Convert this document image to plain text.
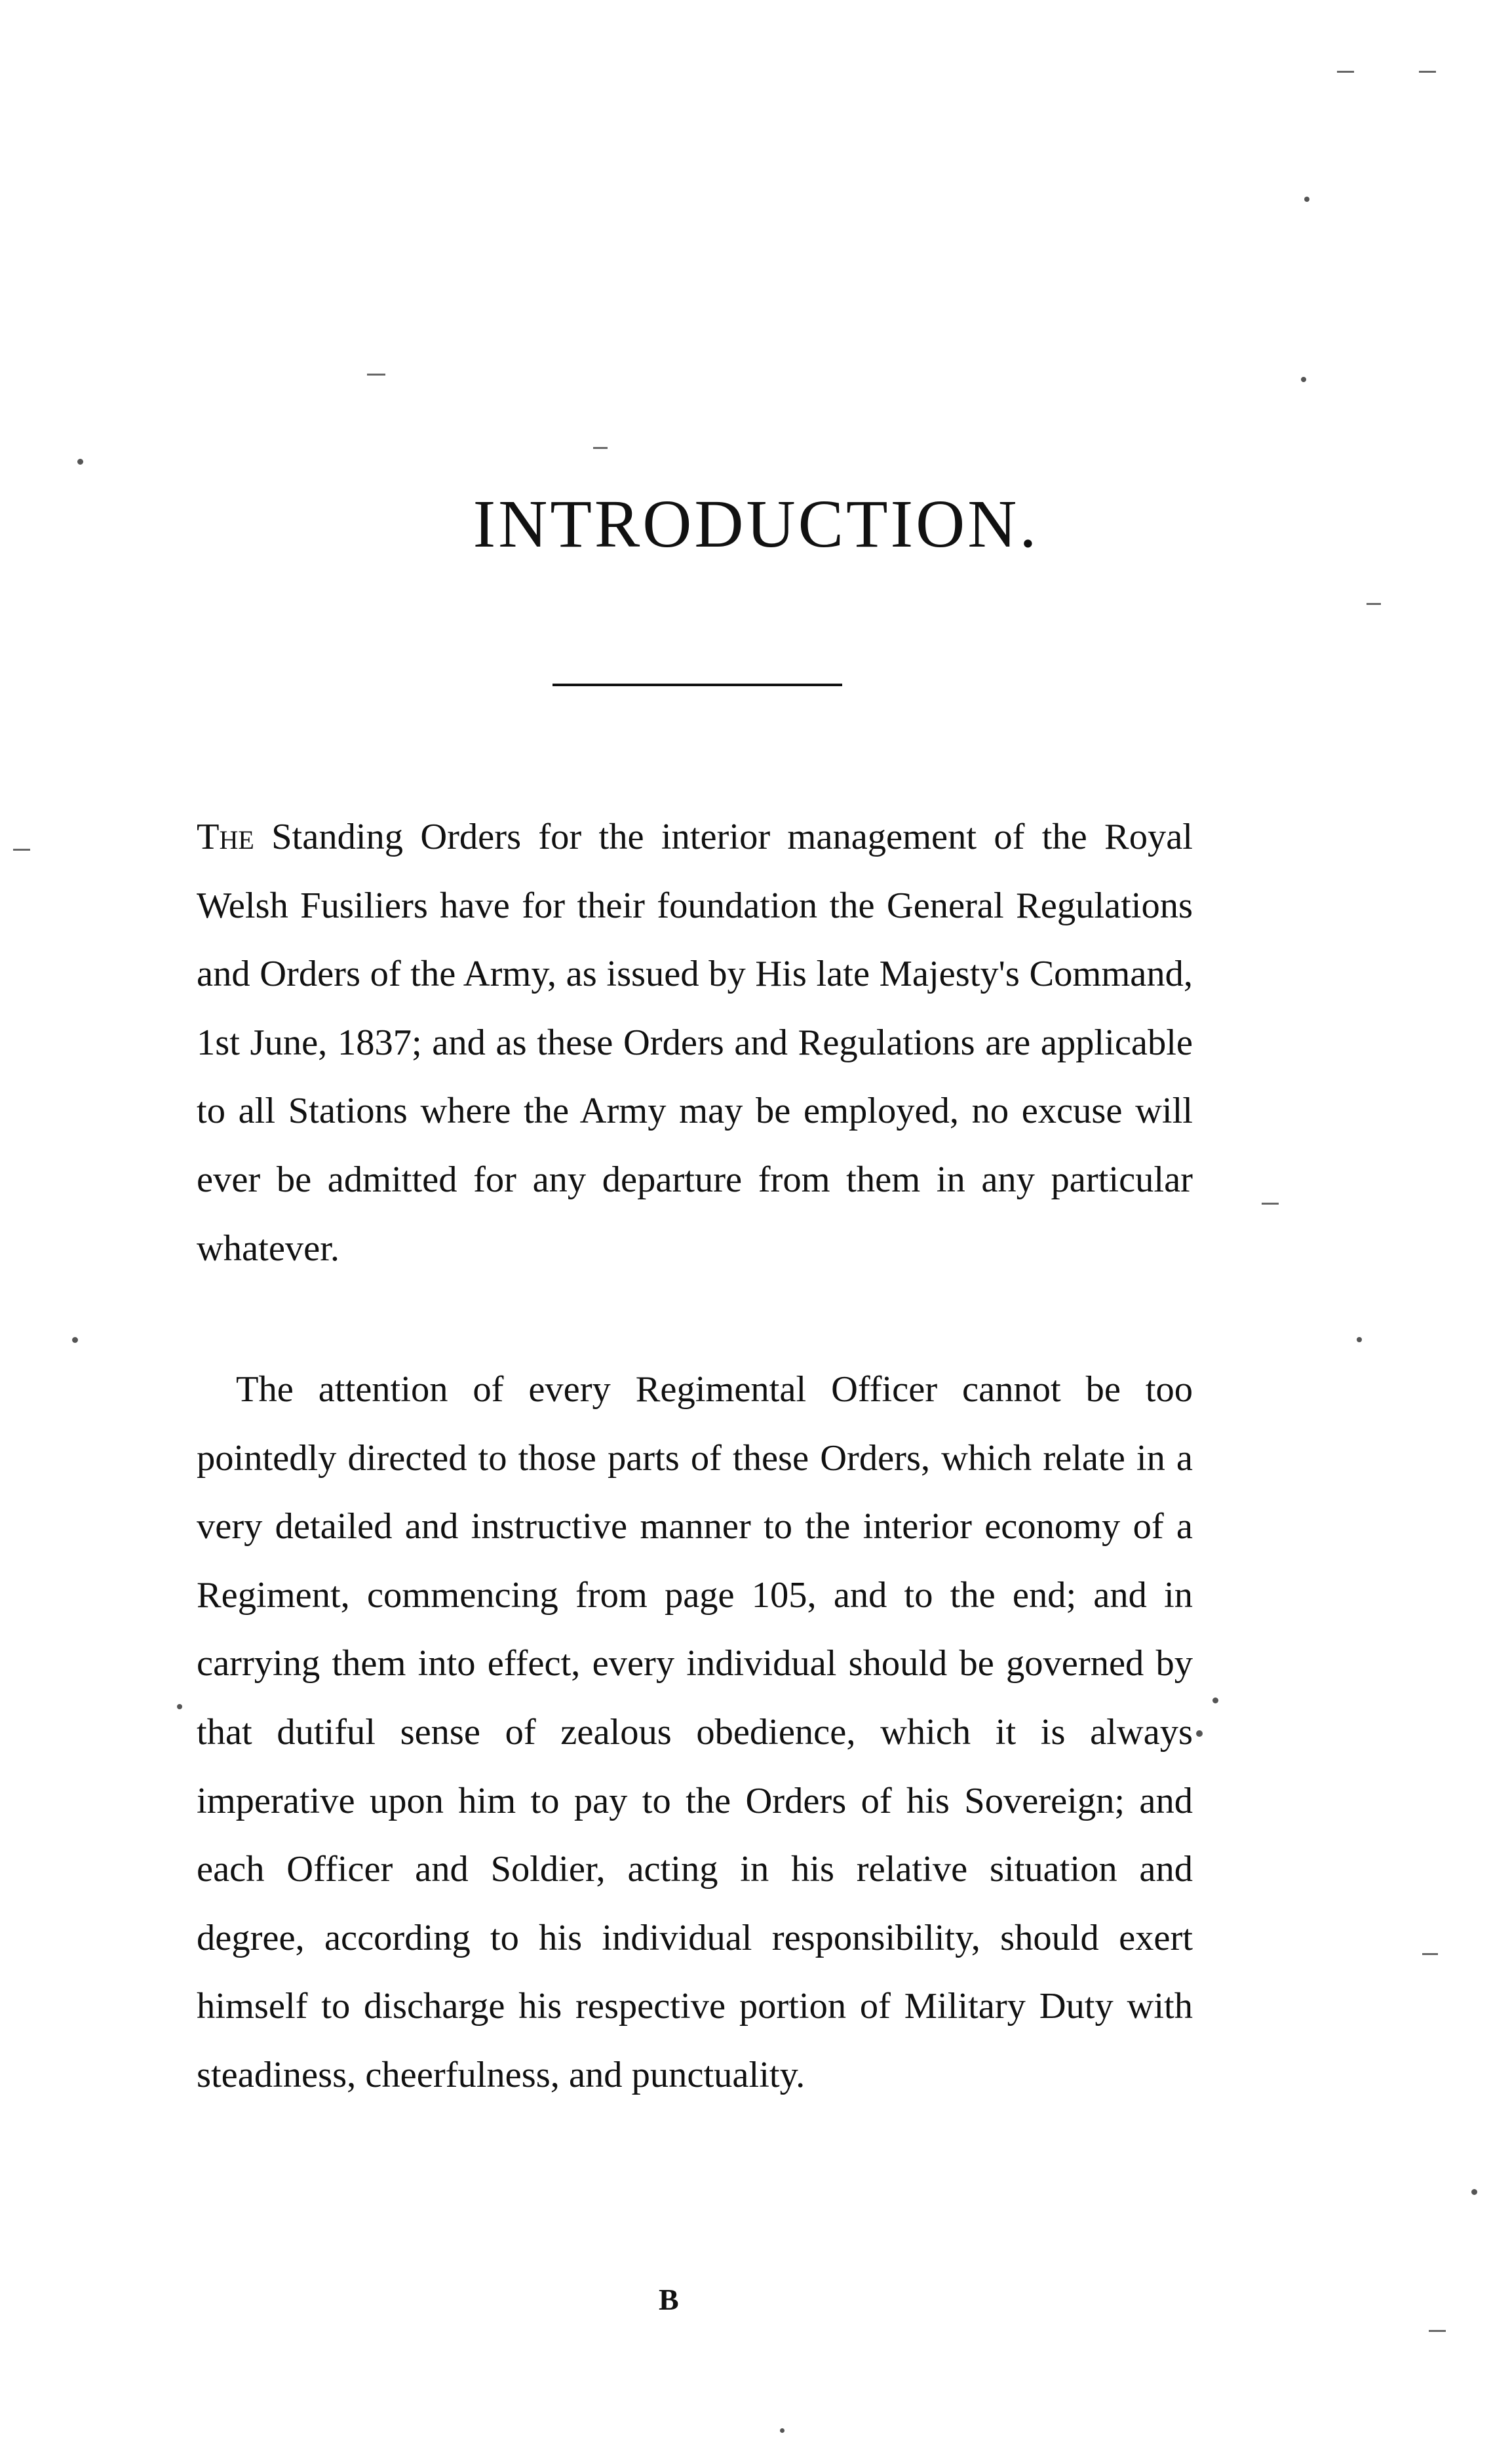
INTRODUCTION.

The Standing Orders for the interior management of the Royal Welsh Fusiliers have for their foundation the General Regulations and Orders of the Army, as issued by His late Majesty's Command, 1st June, 1837; and as these Orders and Regulations are applicable to all Stations where the Army may be employed, no excuse will ever be admitted for any departure from them in any particular whatever.

The attention of every Regimental Officer cannot be too pointedly directed to those parts of these Orders, which relate in a very detailed and instructive manner to the interior economy of a Regiment, commencing from page 105, and to the end; and in carrying them into effect, every individual should be governed by that dutiful sense of zealous obedience, which it is always imperative upon him to pay to the Orders of his Sovereign; and each Officer and Soldier, acting in his relative situation and degree, according to his individual responsibility, should exert himself to discharge his respective portion of Military Duty with steadiness, cheerfulness, and punctuality.

B
